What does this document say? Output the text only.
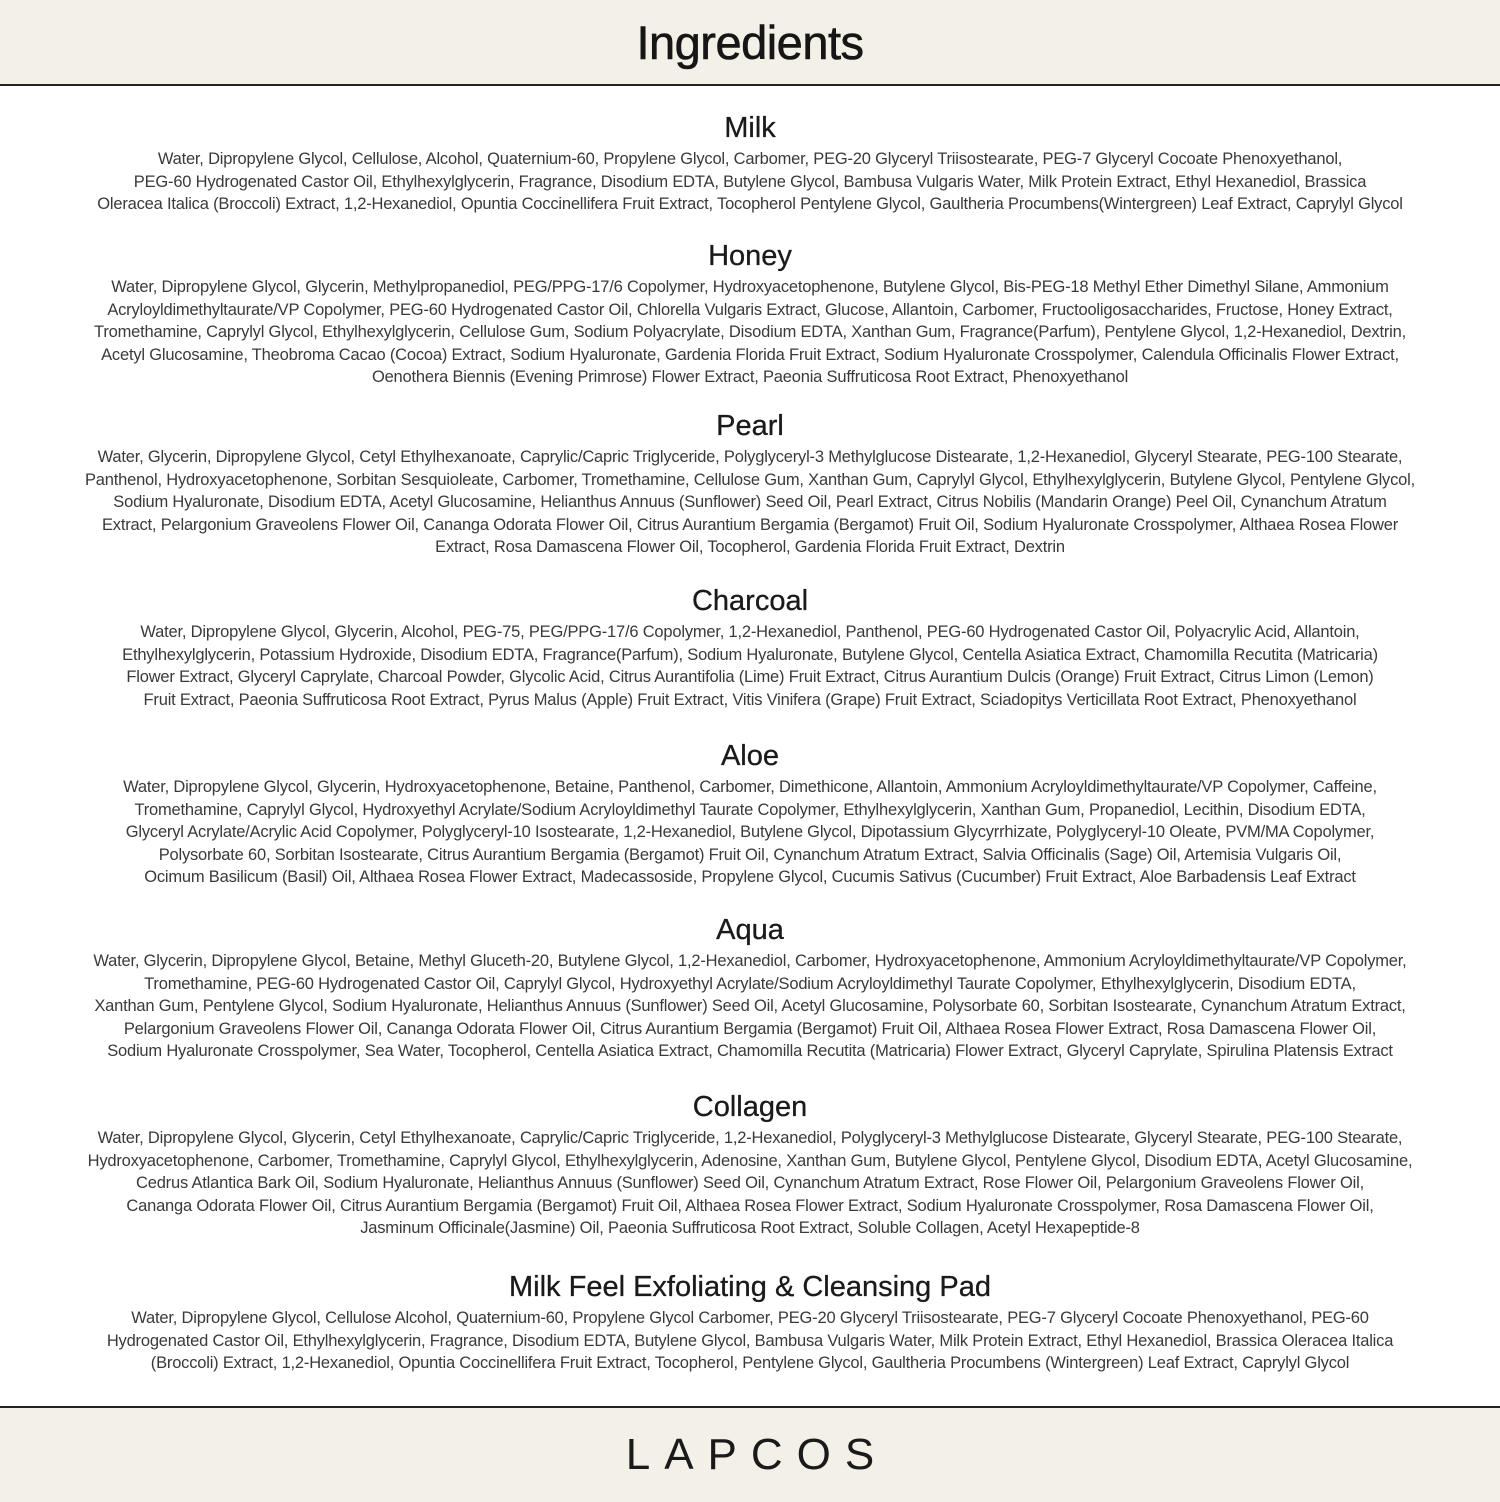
Ingredients
Milk

Water, Dipropylene Glycol, Cellulose, Alcohol, Quaternium-60, Propylene Glycol, Carbomer, PEG-20 Glyceryl Triisostearate, PEG-7 Glyceryl Cocoate Phenoxyethanol,

PEG-60 Hydrogenated Castor Oil, Ethylhexylglycerin, Fragrance, Disodium EDTA, Butylene Glycol, Bambusa Vulgaris Water, Milk Protein Extract, Ethyl Hexanediol, Brassica

Oleracea Italica (Broccoli) Extract, 1,2-Hexanediol, Opuntia Coccinellifera Fruit Extract, Tocopherol Pentylene Glycol, Gaultheria Procumbens(Wintergreen) Leaf Extract, Caprylyl Glycol

Honey

Water, Dipropylene Glycol, Glycerin, Methylpropanediol, PEG/PPG-17/6 Copolymer, Hydroxyacetophenone, Butylene Glycol, Bis-PEG-18 Methyl Ether Dimethyl Silane, Ammonium

Acryloyldimethyltaurate/VP Copolymer, PEG-60 Hydrogenated Castor Oil, Chlorella Vulgaris Extract, Glucose, Allantoin, Carbomer, Fructooligosaccharides, Fructose, Honey Extract,

Tromethamine, Caprylyl Glycol, Ethylhexylglycerin, Cellulose Gum, Sodium Polyacrylate, Disodium EDTA, Xanthan Gum, Fragrance(Parfum), Pentylene Glycol, 1,2-Hexanediol, Dextrin,

Acetyl Glucosamine, Theobroma Cacao (Cocoa) Extract, Sodium Hyaluronate, Gardenia Florida Fruit Extract, Sodium Hyaluronate Crosspolymer, Calendula Officinalis Flower Extract,

Oenothera Biennis (Evening Primrose) Flower Extract, Paeonia Suffruticosa Root Extract, Phenoxyethanol

Pearl

Water, Glycerin, Dipropylene Glycol, Cetyl Ethylhexanoate, Caprylic/Capric Triglyceride, Polyglyceryl-3 Methylglucose Distearate, 1,2-Hexanediol, Glyceryl Stearate, PEG-100 Stearate,

Panthenol, Hydroxyacetophenone, Sorbitan Sesquioleate, Carbomer, Tromethamine, Cellulose Gum, Xanthan Gum, Caprylyl Glycol, Ethylhexylglycerin, Butylene Glycol, Pentylene Glycol,

Sodium Hyaluronate, Disodium EDTA, Acetyl Glucosamine, Helianthus Annuus (Sunflower) Seed Oil, Pearl Extract, Citrus Nobilis (Mandarin Orange) Peel Oil, Cynanchum Atratum

Extract, Pelargonium Graveolens Flower Oil, Cananga Odorata Flower Oil, Citrus Aurantium Bergamia (Bergamot) Fruit Oil, Sodium Hyaluronate Crosspolymer, Althaea Rosea Flower

Extract, Rosa Damascena Flower Oil, Tocopherol, Gardenia Florida Fruit Extract, Dextrin

Charcoal

Water, Dipropylene Glycol, Glycerin, Alcohol, PEG-75, PEG/PPG-17/6 Copolymer, 1,2-Hexanediol, Panthenol, PEG-60 Hydrogenated Castor Oil, Polyacrylic Acid, Allantoin,

Ethylhexylglycerin, Potassium Hydroxide, Disodium EDTA, Fragrance(Parfum), Sodium Hyaluronate, Butylene Glycol, Centella Asiatica Extract, Chamomilla Recutita (Matricaria)

Flower Extract, Glyceryl Caprylate, Charcoal Powder, Glycolic Acid, Citrus Aurantifolia (Lime) Fruit Extract, Citrus Aurantium Dulcis (Orange) Fruit Extract, Citrus Limon (Lemon)

Fruit Extract, Paeonia Suffruticosa Root Extract, Pyrus Malus (Apple) Fruit Extract, Vitis Vinifera (Grape) Fruit Extract, Sciadopitys Verticillata Root Extract, Phenoxyethanol

Aloe

Water, Dipropylene Glycol, Glycerin, Hydroxyacetophenone, Betaine, Panthenol, Carbomer, Dimethicone, Allantoin, Ammonium Acryloyldimethyltaurate/VP Copolymer, Caffeine,

Tromethamine, Caprylyl Glycol, Hydroxyethyl Acrylate/Sodium Acryloyldimethyl Taurate Copolymer, Ethylhexylglycerin, Xanthan Gum, Propanediol, Lecithin, Disodium EDTA,

Glyceryl Acrylate/Acrylic Acid Copolymer, Polyglyceryl-10 Isostearate, 1,2-Hexanediol, Butylene Glycol, Dipotassium Glycyrrhizate, Polyglyceryl-10 Oleate, PVM/MA Copolymer,

Polysorbate 60, Sorbitan Isostearate, Citrus Aurantium Bergamia (Bergamot) Fruit Oil, Cynanchum Atratum Extract, Salvia Officinalis (Sage) Oil, Artemisia Vulgaris Oil,

Ocimum Basilicum (Basil) Oil, Althaea Rosea Flower Extract, Madecassoside, Propylene Glycol, Cucumis Sativus (Cucumber) Fruit Extract, Aloe Barbadensis Leaf Extract

Aqua

Water, Glycerin, Dipropylene Glycol, Betaine, Methyl Gluceth-20, Butylene Glycol, 1,2-Hexanediol, Carbomer, Hydroxyacetophenone, Ammonium Acryloyldimethyltaurate/VP Copolymer,

Tromethamine, PEG-60 Hydrogenated Castor Oil, Caprylyl Glycol, Hydroxyethyl Acrylate/Sodium Acryloyldimethyl Taurate Copolymer, Ethylhexylglycerin, Disodium EDTA,

Xanthan Gum, Pentylene Glycol, Sodium Hyaluronate, Helianthus Annuus (Sunflower) Seed Oil, Acetyl Glucosamine, Polysorbate 60, Sorbitan Isostearate, Cynanchum Atratum Extract,

Pelargonium Graveolens Flower Oil, Cananga Odorata Flower Oil, Citrus Aurantium Bergamia (Bergamot) Fruit Oil, Althaea Rosea Flower Extract, Rosa Damascena Flower Oil,

Sodium Hyaluronate Crosspolymer, Sea Water, Tocopherol, Centella Asiatica Extract, Chamomilla Recutita (Matricaria) Flower Extract, Glyceryl Caprylate, Spirulina Platensis Extract

Collagen

Water, Dipropylene Glycol, Glycerin, Cetyl Ethylhexanoate, Caprylic/Capric Triglyceride, 1,2-Hexanediol, Polyglyceryl-3 Methylglucose Distearate, Glyceryl Stearate, PEG-100 Stearate,

Hydroxyacetophenone, Carbomer, Tromethamine, Caprylyl Glycol, Ethylhexylglycerin, Adenosine, Xanthan Gum, Butylene Glycol, Pentylene Glycol, Disodium EDTA, Acetyl Glucosamine,

Cedrus Atlantica Bark Oil, Sodium Hyaluronate, Helianthus Annuus (Sunflower) Seed Oil, Cynanchum Atratum Extract, Rose Flower Oil, Pelargonium Graveolens Flower Oil,

Cananga Odorata Flower Oil, Citrus Aurantium Bergamia (Bergamot) Fruit Oil, Althaea Rosea Flower Extract, Sodium Hyaluronate Crosspolymer, Rosa Damascena Flower Oil,

Jasminum Officinale(Jasmine) Oil, Paeonia Suffruticosa Root Extract, Soluble Collagen, Acetyl Hexapeptide-8

Milk Feel Exfoliating & Cleansing Pad

Water, Dipropylene Glycol, Cellulose Alcohol, Quaternium-60, Propylene Glycol Carbomer, PEG-20 Glyceryl Triisostearate, PEG-7 Glyceryl Cocoate Phenoxyethanol, PEG-60

Hydrogenated Castor Oil, Ethylhexylglycerin, Fragrance, Disodium EDTA, Butylene Glycol, Bambusa Vulgaris Water, Milk Protein Extract, Ethyl Hexanediol, Brassica Oleracea Italica

(Broccoli) Extract, 1,2-Hexanediol, Opuntia Coccinellifera Fruit Extract, Tocopherol, Pentylene Glycol, Gaultheria Procumbens (Wintergreen) Leaf Extract, Caprylyl Glycol

LAPCOS
